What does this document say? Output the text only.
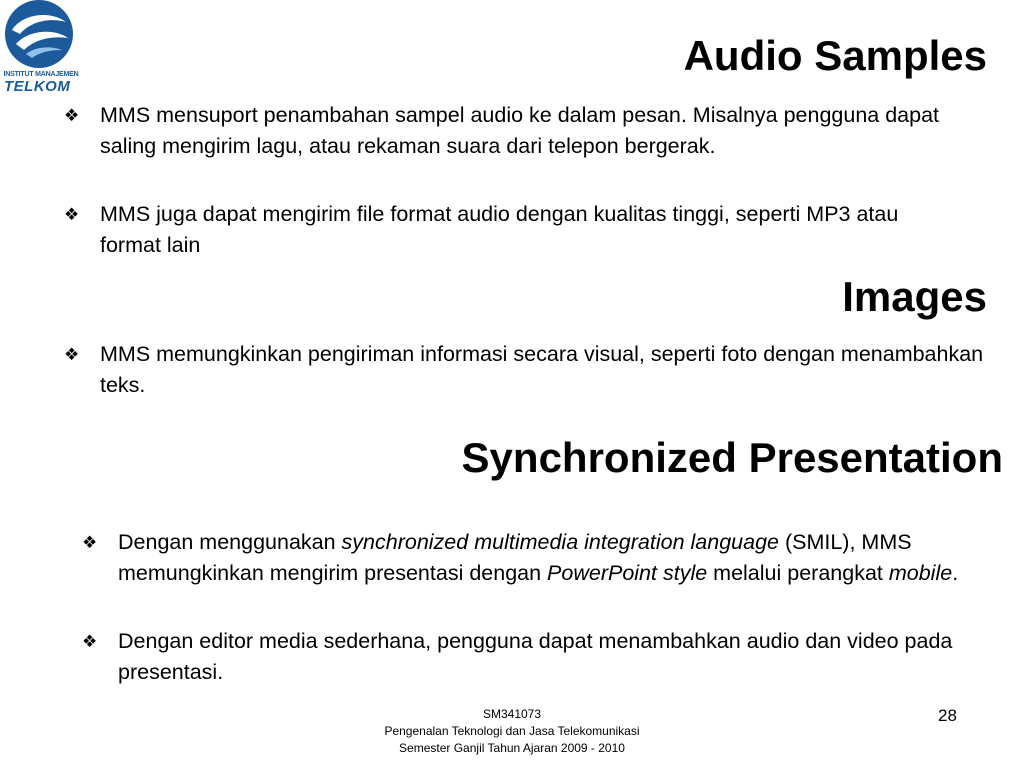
INSTITUT MANAJEMEN
TELKOM
Audio Samples
❖ MMS mensuport penambahan sampel audio ke dalam pesan. Misalnya pengguna dapat saling mengirim lagu, atau rekaman suara dari telepon bergerak.
❖ MMS juga dapat mengirim file format audio dengan kualitas tinggi, seperti MP3 atau format lain
Images
❖ MMS memungkinkan pengiriman informasi secara visual, seperti foto dengan menambahkan teks.
Synchronized Presentation
❖ Dengan menggunakan synchronized multimedia integration language (SMIL), MMS memungkinkan mengirim presentasi dengan PowerPoint style melalui perangkat mobile.
❖ Dengan editor media sederhana, pengguna dapat menambahkan audio dan video pada presentasi.
SM341073
Pengenalan Teknologi dan Jasa Telekomunikasi
Semester Ganjil Tahun Ajaran 2009 - 2010
28
